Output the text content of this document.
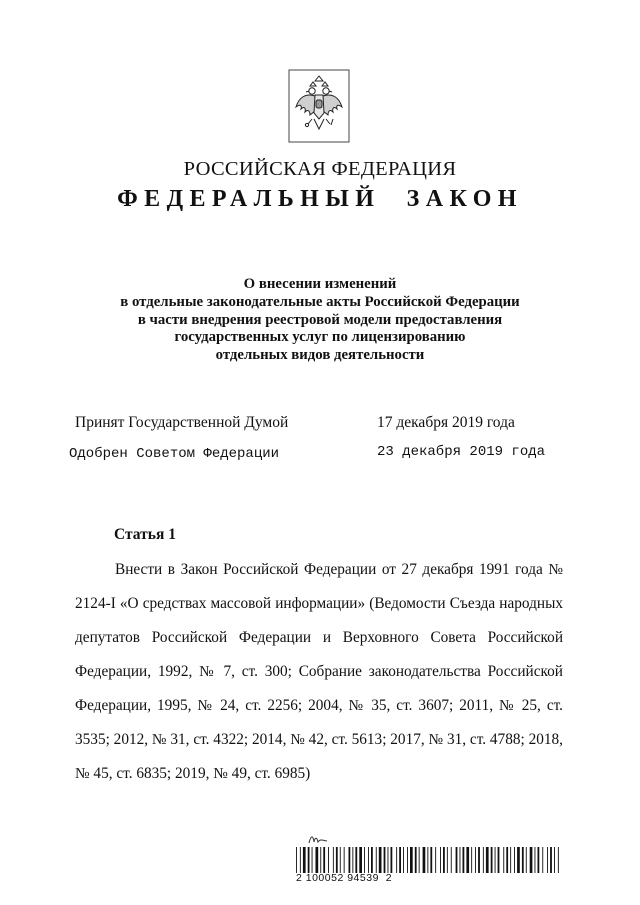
РОССИЙСКАЯ ФЕДЕРАЦИЯ
ФЕДЕРАЛЬНЫЙ ЗАКОН
О внесении изменений
в отдельные законодательные акты Российской Федерации
в части внедрения реестровой модели предоставления
государственных услуг по лицензированию
отдельных видов деятельности
Принят Государственной Думой	17 декабря 2019 года
Одобрен Советом Федерации	23 декабря 2019 года
Статья 1

Внести в Закон Российской Федерации от 27 декабря 1991 года № 2124-I «О средствах массовой информации» (Ведомости Съезда народных депутатов Российской Федерации и Верховного Совета Российской Федерации, 1992, № 7, ст. 300; Собрание законодательства Российской Федерации, 1995, № 24, ст. 2256; 2004, № 35, ст. 3607; 2011, № 25, ст. 3535; 2012, № 31, ст. 4322; 2014, № 42, ст. 5613; 2017, № 31, ст. 4788; 2018, № 45, ст. 6835; 2019, № 49, ст. 6985)

2 100052 94539  2
